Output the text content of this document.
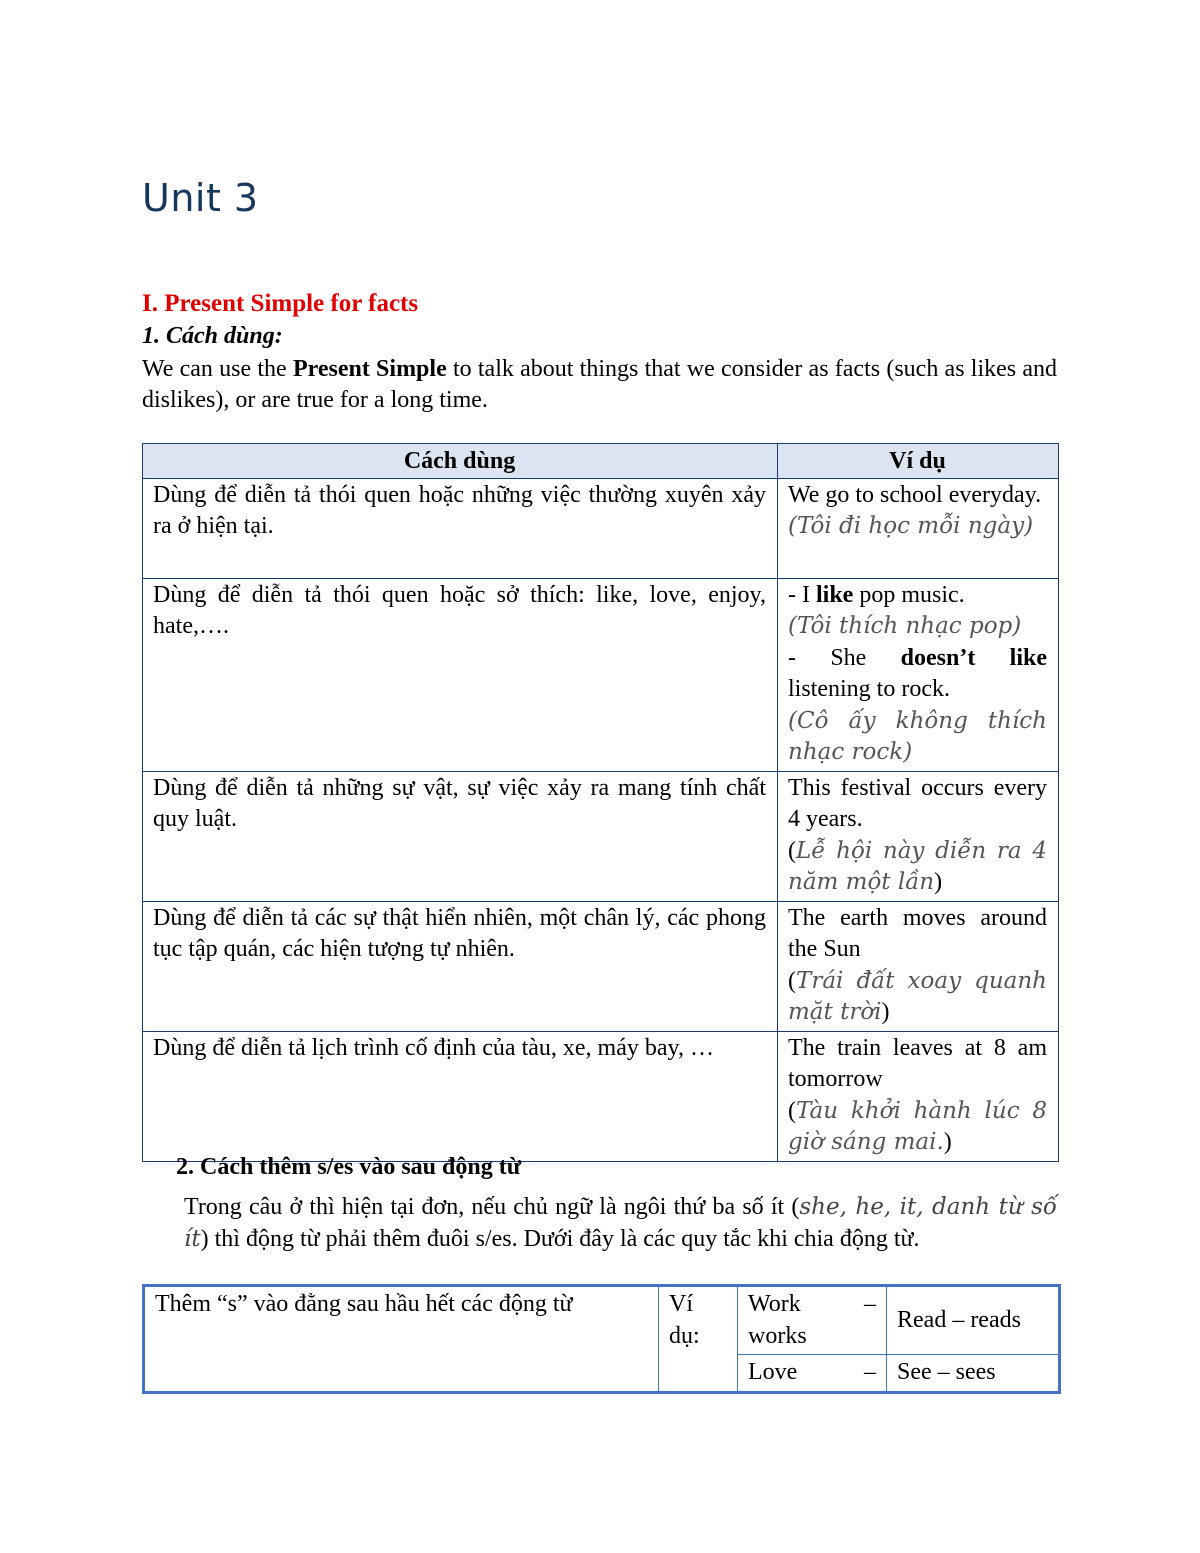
Unit 3
I. Present Simple for facts
1. Cách dùng:

We can use the Present Simple to talk about things that we consider as facts (such as likes and dislikes), or are true for a long time.

Cách dùng	Ví dụ
Dùng để diễn tả thói quen hoặc những việc thường xuyên xảy ra ở hiện tại.	We go to school everyday.
(Tôi đi học mỗi ngày)

Dùng để diễn tả thói quen hoặc sở thích: like, love, enjoy, hate,….	- I like pop music.
(Tôi thích nhạc pop)
- She doesn’t like listening to rock.
(Cô ấy không thích nhạc rock)

Dùng để diễn tả những sự vật, sự việc xảy ra mang tính chất quy luật.	This festival occurs every 4 years.
(Lễ hội này diễn ra 4 năm một lần)

Dùng để diễn tả các sự thật hiển nhiên, một chân lý, các phong tục tập quán, các hiện tượng tự nhiên.	The earth moves around the Sun
(Trái đất xoay quanh mặt trời)

Dùng để diễn tả lịch trình cố định của tàu, xe, máy bay, …	The train leaves at 8 am tomorrow
(Tàu khởi hành lúc 8 giờ sáng mai.)
2. Cách thêm s/es vào sau động từ

Trong câu ở thì hiện tại đơn, nếu chủ ngữ là ngôi thứ ba số ít (she, he, it, danh từ số ít) thì động từ phải thêm đuôi s/es. Dưới đây là các quy tắc khi chia động từ.

Thêm “s” vào đằng sau hầu hết các động từ	Ví dụ:	Work –
works	Read – reads

		Love –	See – sees
